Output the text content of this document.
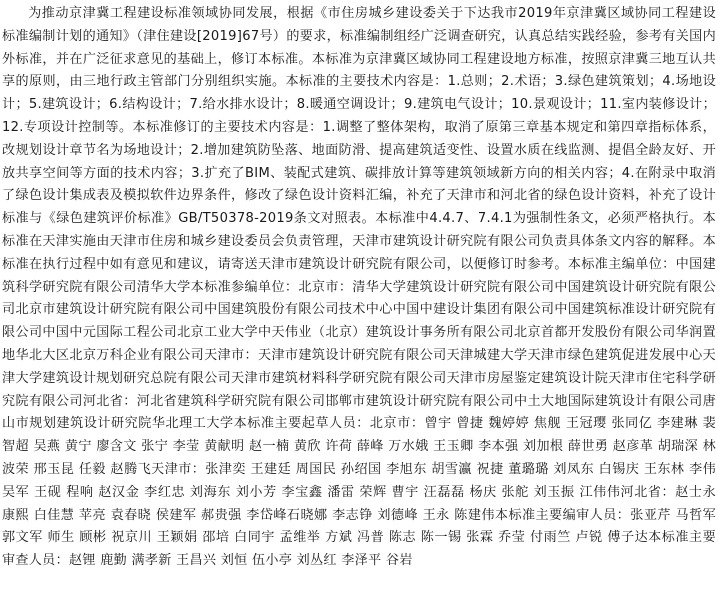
为推动京津冀工程建设标准领域协同发展，根据《市住房城乡建设委关于下达我市2019年京津冀区域协同工程建设标准编制计划的通知》（津住建设[2019]67号）的要求，标准编制组经广泛调查研究，认真总结实践经验，参考有关国内外标准，并在广泛征求意见的基础上，修订本标准。本标准为京津冀区域协同工程建设地方标准，按照京津冀三地互认共享的原则，由三地行政主管部门分别组织实施。本标准的主要技术内容是：1.总则；2.术语；3.绿色建筑策划；4.场地设计；5.建筑设计；6.结构设计；7.给水排水设计；8.暖通空调设计；9.建筑电气设计；10.景观设计；11.室内装修设计；12.专项设计控制等。本标准修订的主要技术内容是：1.调整了整体架构，取消了原第三章基本规定和第四章指标体系，改规划设计章节名为场地设计；2.增加建筑防坠落、地面防滑、提高建筑适变性、设置水质在线监测、提倡全龄友好、开放共享空间等方面的技术内容；3.扩充了BIM、装配式建筑、碳排放计算等建筑领域新方向的相关内容；4.在附录中取消了绿色设计集成表及模拟软件边界条件，修改了绿色设计资料汇编，补充了天津市和河北省的绿色设计资料，补充了设计标准与《绿色建筑评价标准》GB/T50378-2019条文对照表。本标准中4.4.7、7.4.1为强制性条文，必须严格执行。本标准在天津实施由天津市住房和城乡建设委员会负责管理，天津市建筑设计研究院有限公司负责具体条文内容的解释。本标准在执行过程中如有意见和建议，请寄送天津市建筑设计研究院有限公司，以便修订时参考。本标准主编单位：中国建筑科学研究院有限公司清华大学本标准参编单位：北京市：清华大学建筑设计研究院有限公司中国建筑设计研究院有限公司北京市建筑设计研究院有限公司中国建筑股份有限公司技术中心中国中建设计集团有限公司中国建筑标准设计研究院有限公司中国中元国际工程公司北京工业大学中天伟业（北京）建筑设计事务所有限公司北京首都开发股份有限公司华润置地华北大区北京万科企业有限公司天津市：天津市建筑设计研究院有限公司天津城建大学天津市绿色建筑促进发展中心天津大学建筑设计规划研究总院有限公司天津市建筑材料科学研究院有限公司天津市房屋鉴定建筑设计院天津市住宅科学研究院有限公司河北省：河北省建筑科学研究院有限公司邯郸市建筑设计研究院有限公司中土大地国际建筑设计有限公司唐山市规划建筑设计研究院华北理工大学本标准主要起草人员：北京市：曾宇 曾捷 魏婷婷 焦舰 王冠璎 张同亿 李建琳 裴智超 吴燕 黄宁 廖含文 张宁 李莹 黄献明 赵一楠 黄欣 许荷 薛峰 万水娥 王玉卿 李本强 刘加根 薛世勇 赵彦革 胡瑞深 林波荣 邢玉昆 任毅 赵腾飞天津市：张津奕 王建廷 周国民 孙绍国 李旭东 胡雪瀛 祝捷 董璐璐 刘凤东 白锡庆 王东林 李伟 吴军 王砚 程响 赵汉金 李红忠 刘海东 刘小芳 李宝鑫 潘雷 荣辉 曹宇 汪磊磊 杨庆 张舵 刘玉振 江伟伟河北省：赵士永 康熙 白佳慧 苹亮 袁春晓 侯建军 郝贵强 李岱峰石晓娜 李志铮 刘德峰 王永 陈建伟本标准主要编审人员：张亚芹 马哲军 郭文军 师生 顾彬 祝京川 王颖娟 邵培 白同宇 孟维举 方斌 冯普 陈志 陈一锡 张霖 乔莹 付雨竺 卢锐 傅子达本标准主要审查人员：赵锂 鹿勤 满孝新 王昌兴 刘恒 伍小亭 刘丛红 李泽平 谷岩
